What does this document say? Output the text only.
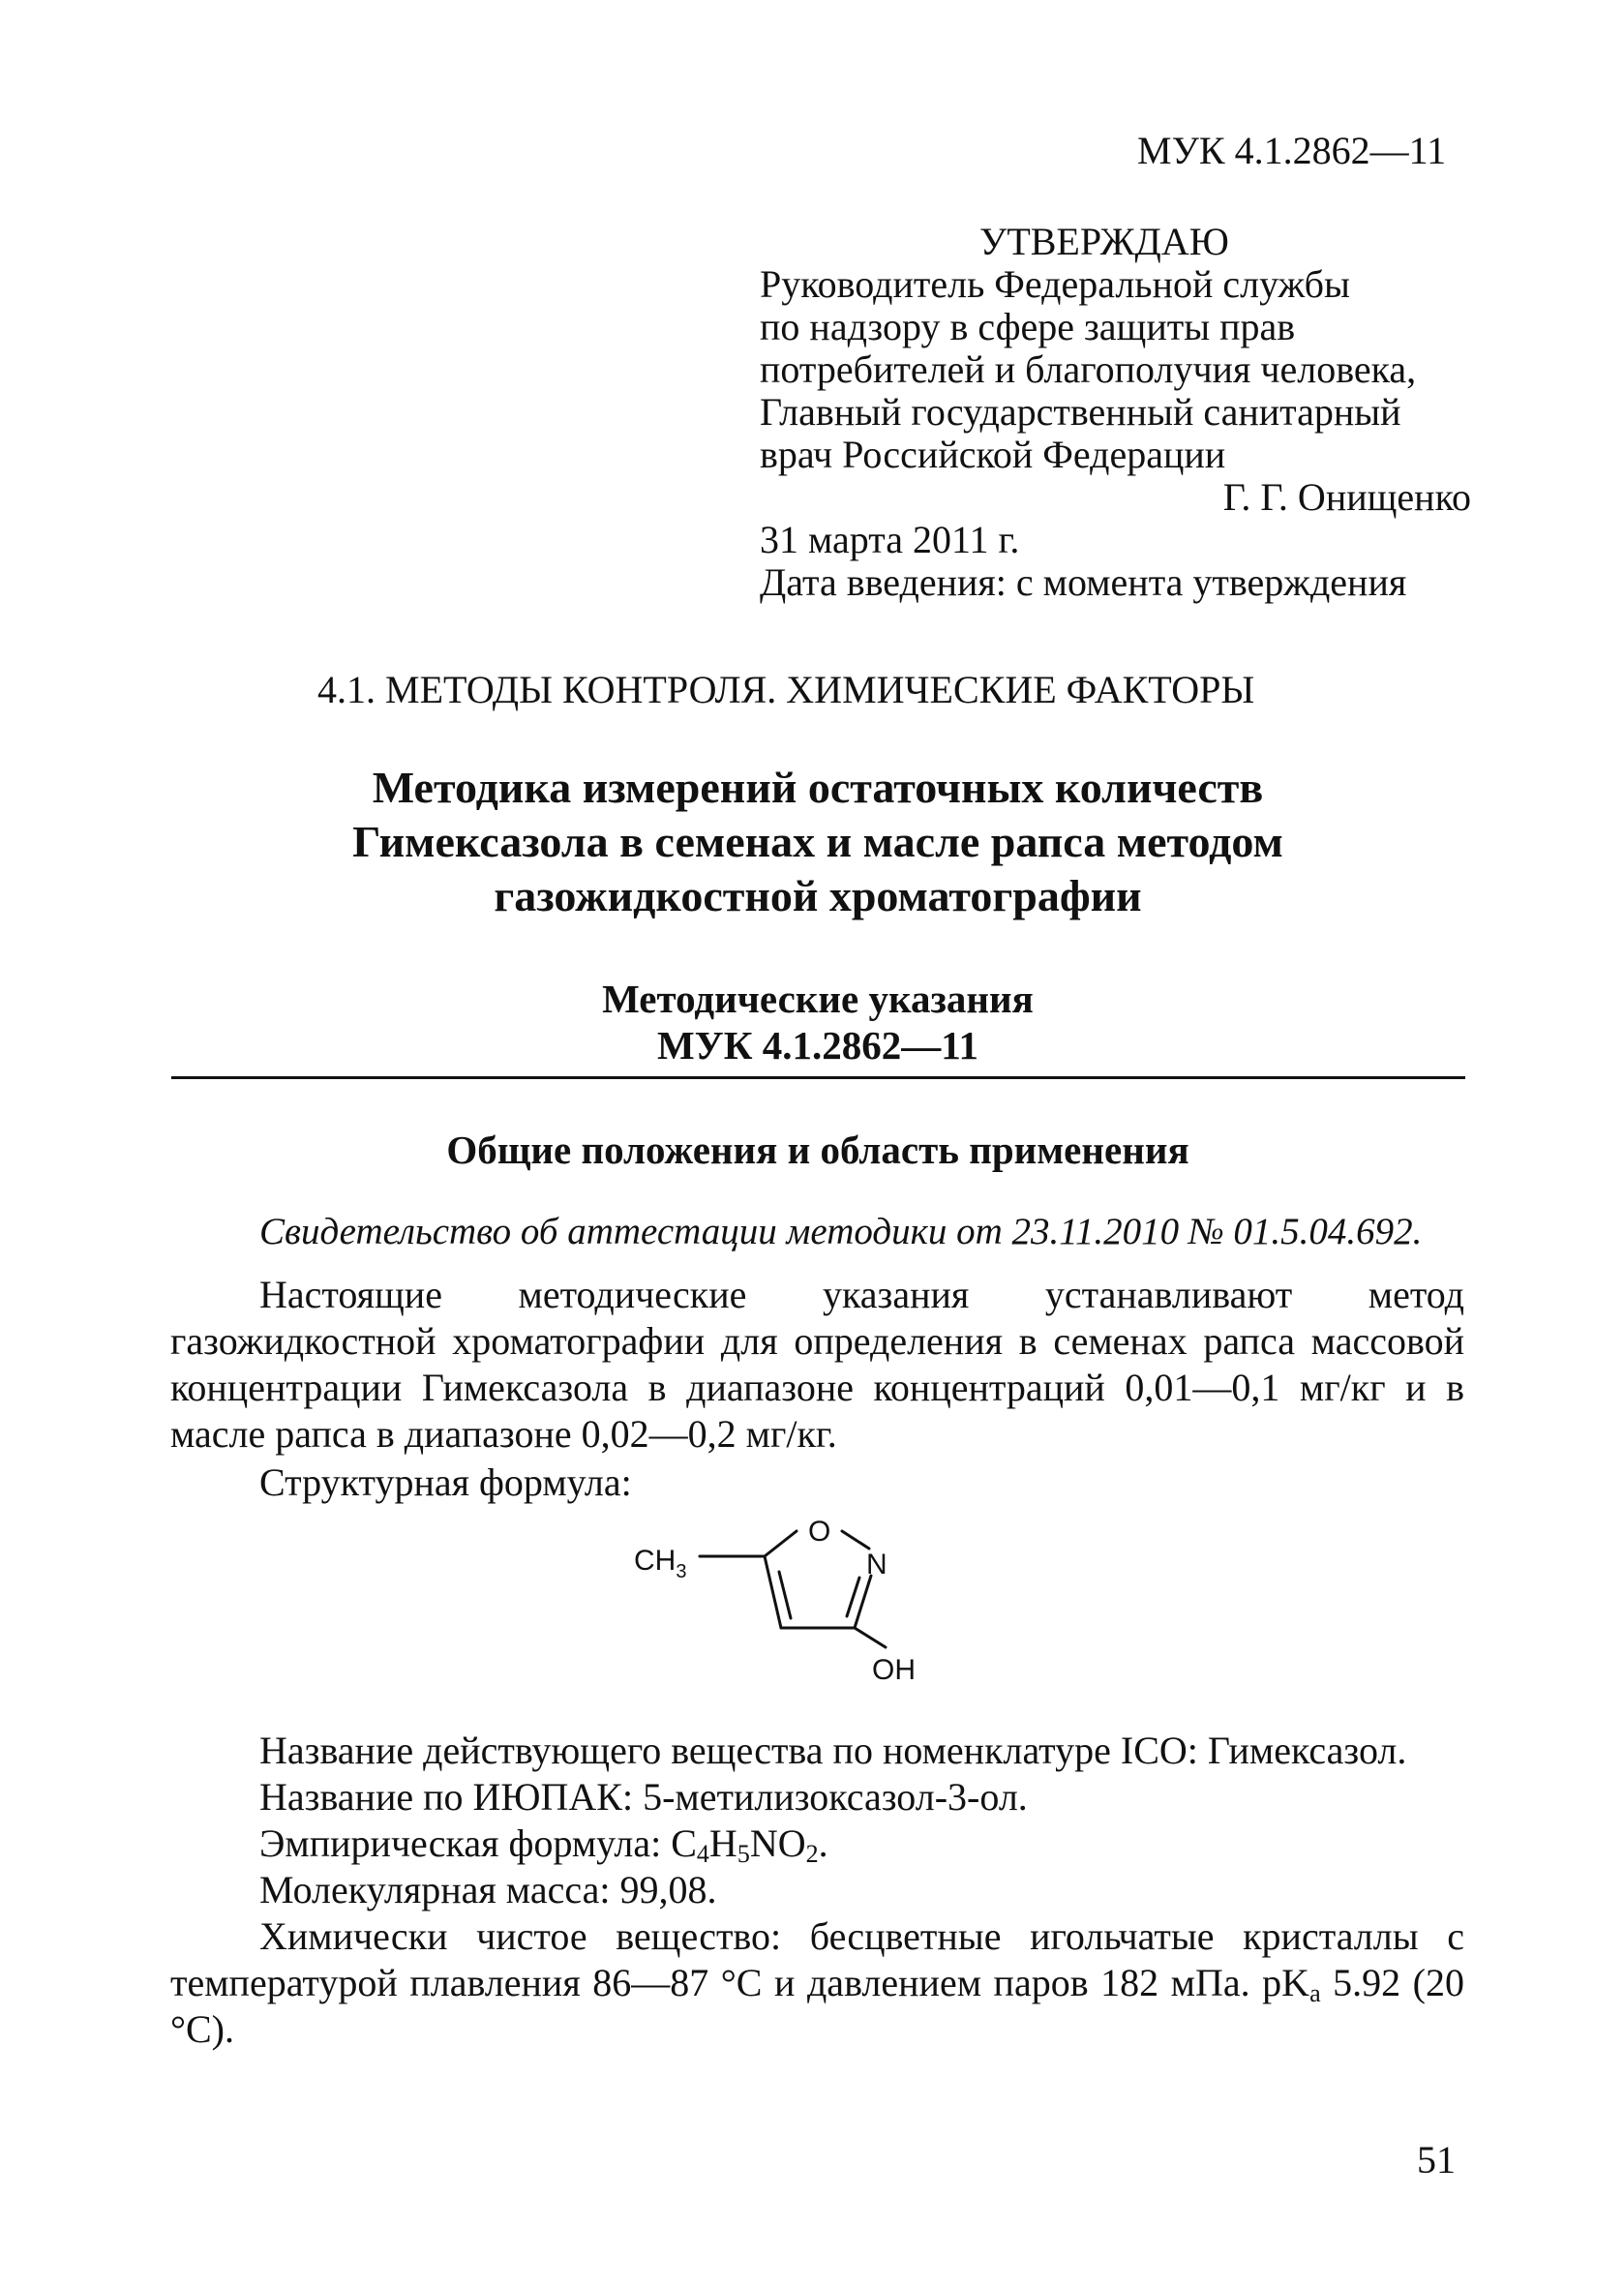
МУК 4.1.2862—11
УТВЕРЖДАЮ
Руководитель Федеральной службы
по надзору в сфере защиты прав
потребителей и благополучия человека,
Главный государственный санитарный
врач Российской Федерации
Г. Г. Онищенко
31 марта 2011 г.
Дата введения: с момента утверждения
4.1. МЕТОДЫ КОНТРОЛЯ. ХИМИЧЕСКИЕ ФАКТОРЫ
Методика измерений остаточных количеств
Гимексазола в семенах и масле рапса методом
газожидкостной хроматографии
Методические указания
МУК 4.1.2862—11
Общие положения и область применения
Свидетельство об аттестации методики от 23.11.2010 № 01.5.04.692.

Настоящие методические указания устанавливают метод газожидкостной хроматографии для определения в семенах рапса массовой концентрации Гимексазола в диапазоне концентраций 0,01—0,1 мг/кг и в масле рапса в диапазоне 0,02—0,2 мг/кг.

Структурная формула:
$CH_3$
O
N
OH
Название действующего вещества по номенклатуре ICO: Гимексазол.
Название по ИЮПАК: 5-метилизоксазол-3-ол.
Эмпирическая формула: $C_4H_5NO_2$.
Молекулярная масса: 99,08.

Химически чистое вещество: бесцветные игольчатые кристаллы с температурой плавления 86—87 °С и давлением паров 182 мПа. $pK_a$ 5.92 (20 °С).

51
